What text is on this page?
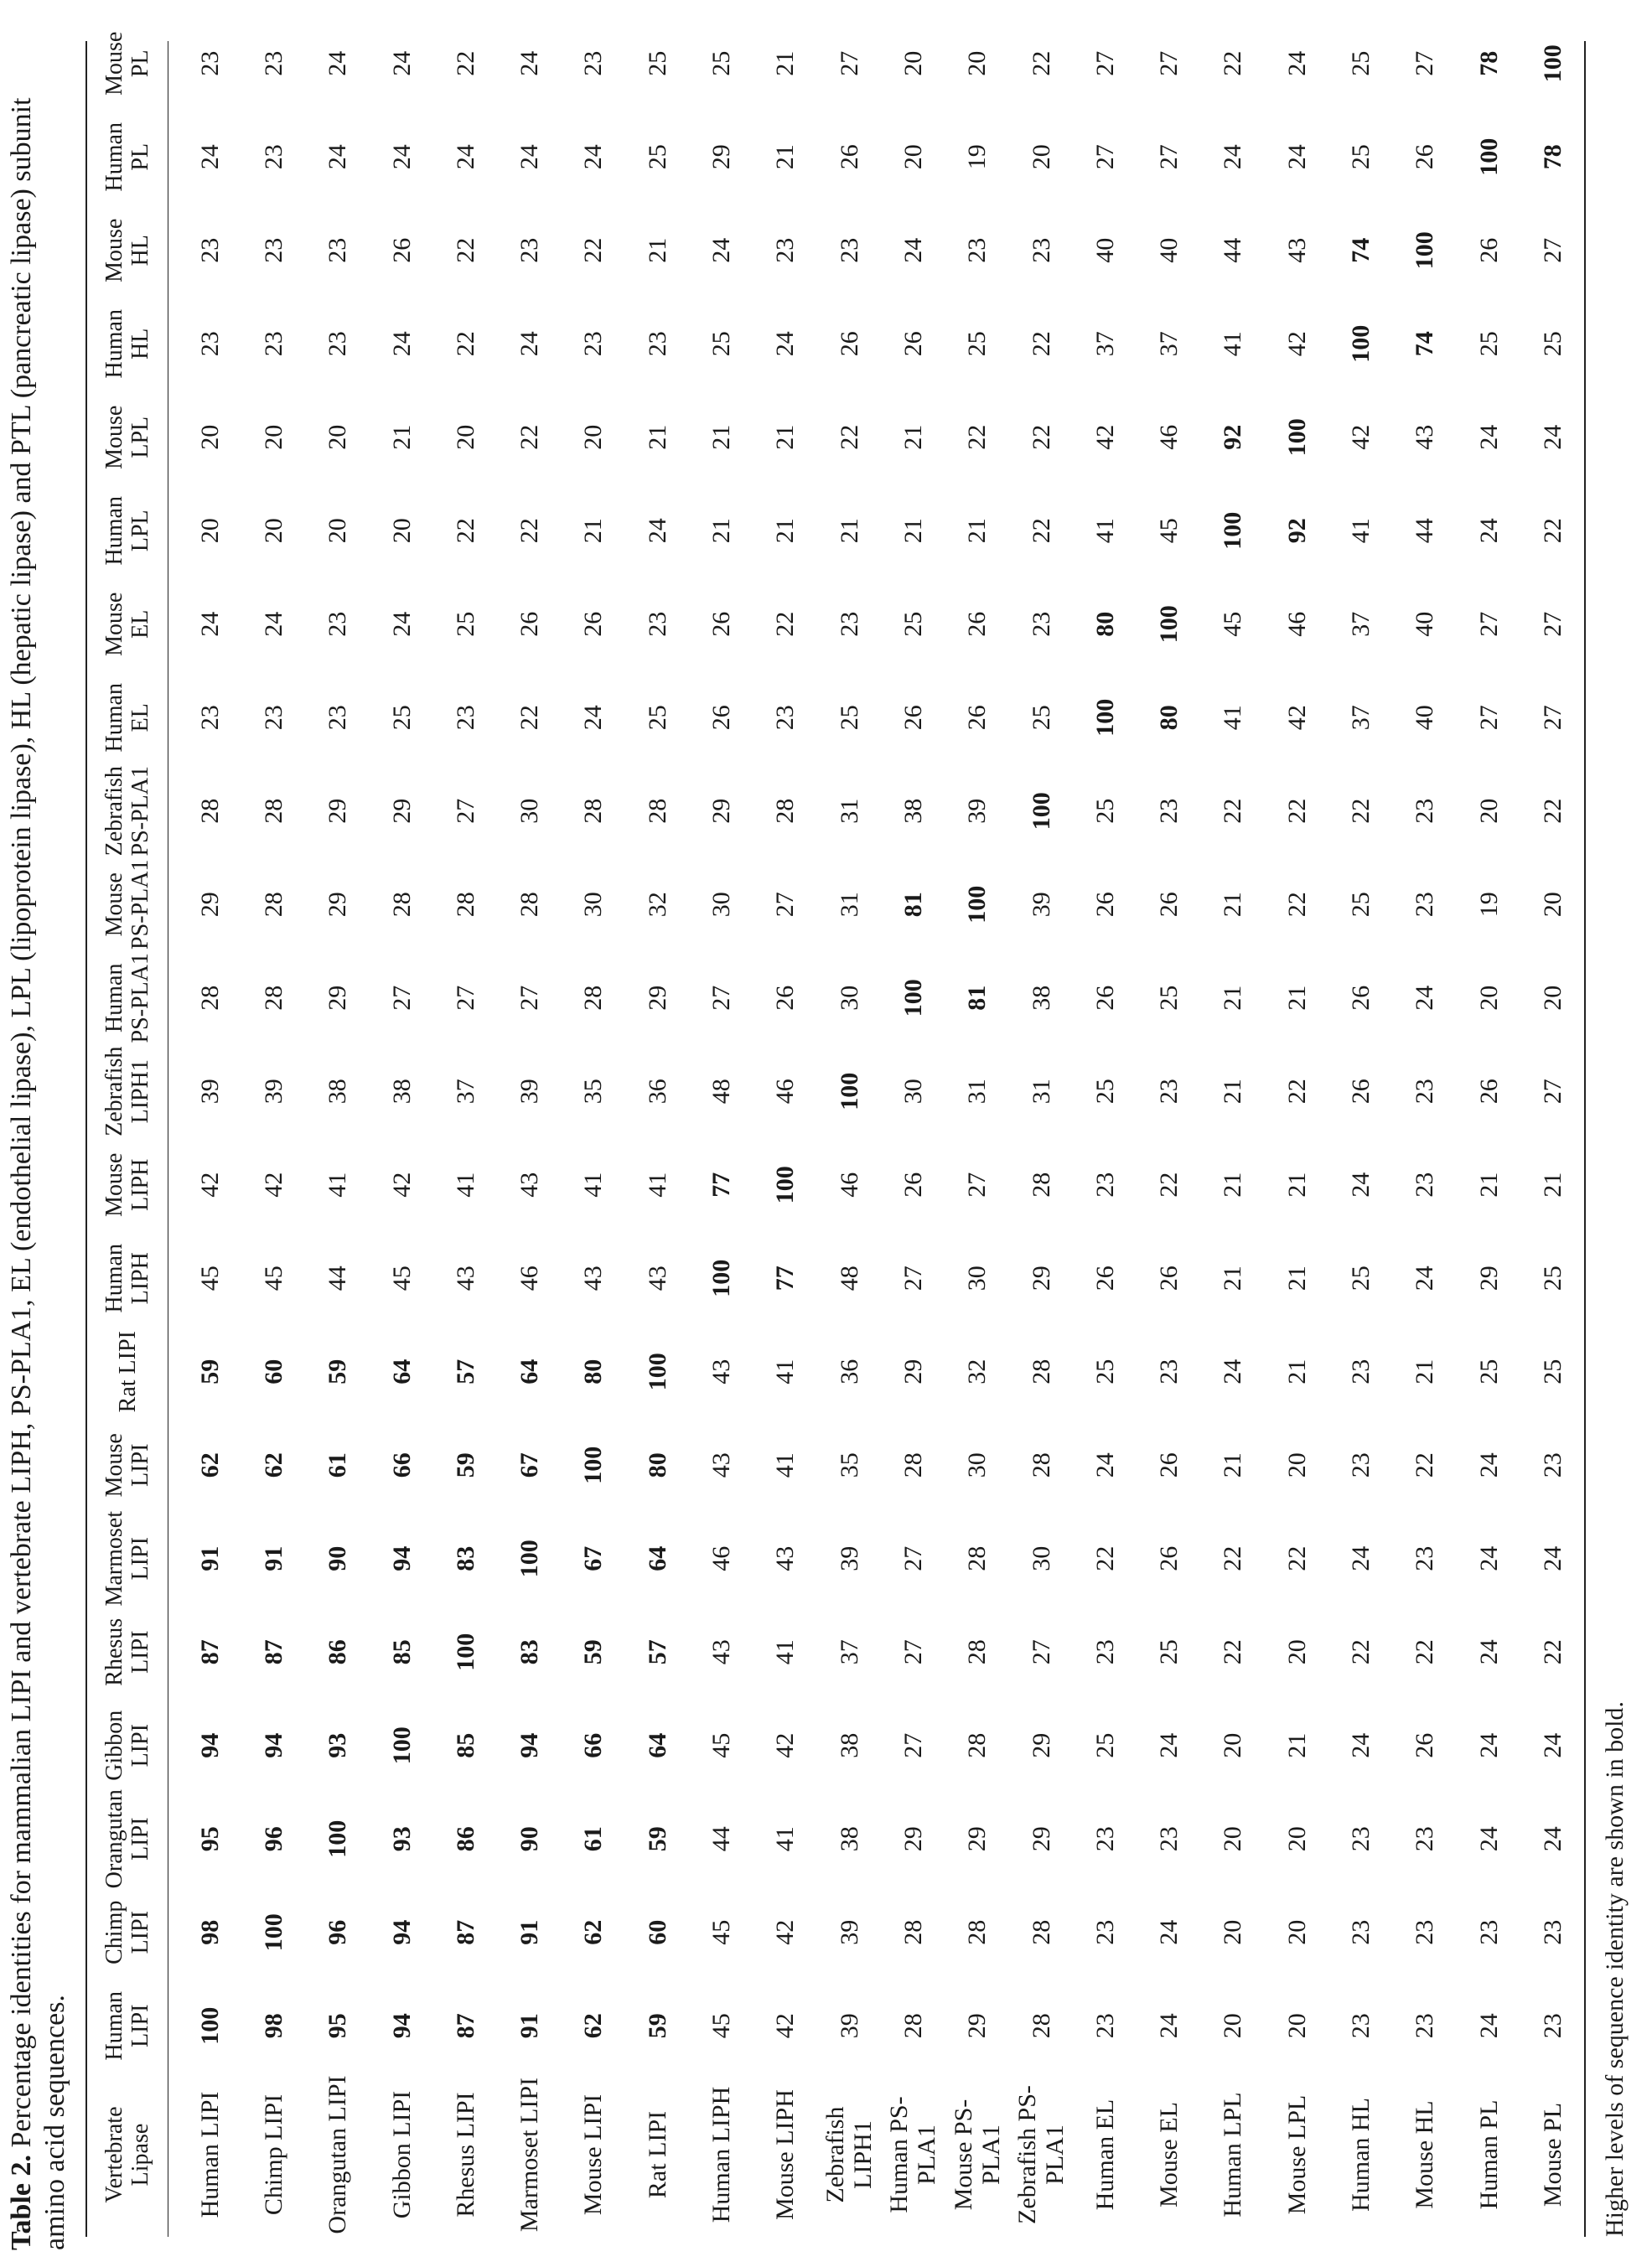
Table 2. Percentage identities for mammalian LIPI and vertebrate LIPH, PS-PLA1, EL (endothelial lipase), LPL (lipoprotein lipase), HL (hepatic lipase) and PTL (pancreatic lipase) subunit amino acid sequences.	Vertebrate Lipase
Human LIPI
Chimp LIPI
Orangutan LIPI
Gibbon LIPI
Rhesus LIPI
Marmoset LIPI
Mouse LIPI
Rat LIPI
Human LIPH
Mouse LIPH
Zebrafish LIPH1
Human PS-PLA1
Mouse PS-PLA1
Zebrafish PS-PLA1
Human EL
Mouse EL
Human LPL
Mouse LPL
Human HL
Mouse HL
Human PL
Mouse PL
Human LIPI
100
98
95
94
87
91
62
59
45
42
39
28
29
28
23
24
20
20
23
23
24
23
Chimp LIPI
98
100
96
94
87
91
62
60
45
42
39
28
28
28
23
24
20
20
23
23
23
23
Orangutan LIPI
95
96
100
93
86
90
61
59
44
41
38
29
29
29
23
23
20
20
23
23
24
24
Gibbon LIPI
94
94
93
100
85
94
66
64
45
42
38
27
28
29
25
24
20
21
24
26
24
24
Rhesus LIPI
87
87
86
85
100
83
59
57
43
41
37
27
28
27
23
25
22
20
22
22
24
22
Marmoset LIPI
91
91
90
94
83
100
67
64
46
43
39
27
28
30
22
26
22
22
24
23
24
24
Mouse LIPI
62
62
61
66
59
67
100
80
43
41
35
28
30
28
24
26
21
20
23
22
24
23
Rat LIPI
59
60
59
64
57
64
80
100
43
41
36
29
32
28
25
23
24
21
23
21
25
25
Human LIPH
45
45
44
45
43
46
43
43
100
77
48
27
30
29
26
26
21
21
25
24
29
25
Mouse LIPH
42
42
41
42
41
43
41
41
77
100
46
26
27
28
23
22
21
21
24
23
21
21
Zebrafish LIPH1
39
39
38
38
37
39
35
36
48
46
100
30
31
31
25
23
21
22
26
23
26
27
Human PS-PLA1
28
28
29
27
27
27
28
29
27
26
30
100
81
38
26
25
21
21
26
24
20
20
Mouse PS-PLA1
29
28
29
28
28
28
30
32
30
27
31
81
100
39
26
26
21
22
25
23
19
20
Zebrafish PS-PLA1
28
28
29
29
27
30
28
28
29
28
31
38
39
100
25
23
22
22
22
23
20
22
Human EL
23
23
23
25
23
22
24
25
26
23
25
26
26
25
100
80
41
42
37
40
27
27
Mouse EL
24
24
23
24
25
26
26
23
26
22
23
25
26
23
80
100
45
46
37
40
27
27
Human LPL
20
20
20
20
22
22
21
24
21
21
21
21
21
22
41
45
100
92
41
44
24
22
Mouse LPL
20
20
20
21
20
22
20
21
21
21
22
21
22
22
42
46
92
100
42
43
24
24
Human HL
23
23
23
24
22
24
23
23
25
24
26
26
25
22
37
37
41
42
100
74
25
25
Mouse HL
23
23
23
26
22
23
22
21
24
23
23
24
23
23
40
40
44
43
74
100
26
27
Human PL
24
23
24
24
24
24
24
25
29
21
26
20
19
20
27
27
24
24
25
26
100
78
Mouse PL
23
23
24
24
22
24
23
25
25
21
27
20
20
22
27
27
22
24
25
27
78
100
Higher levels of sequence identity are shown in bold.
